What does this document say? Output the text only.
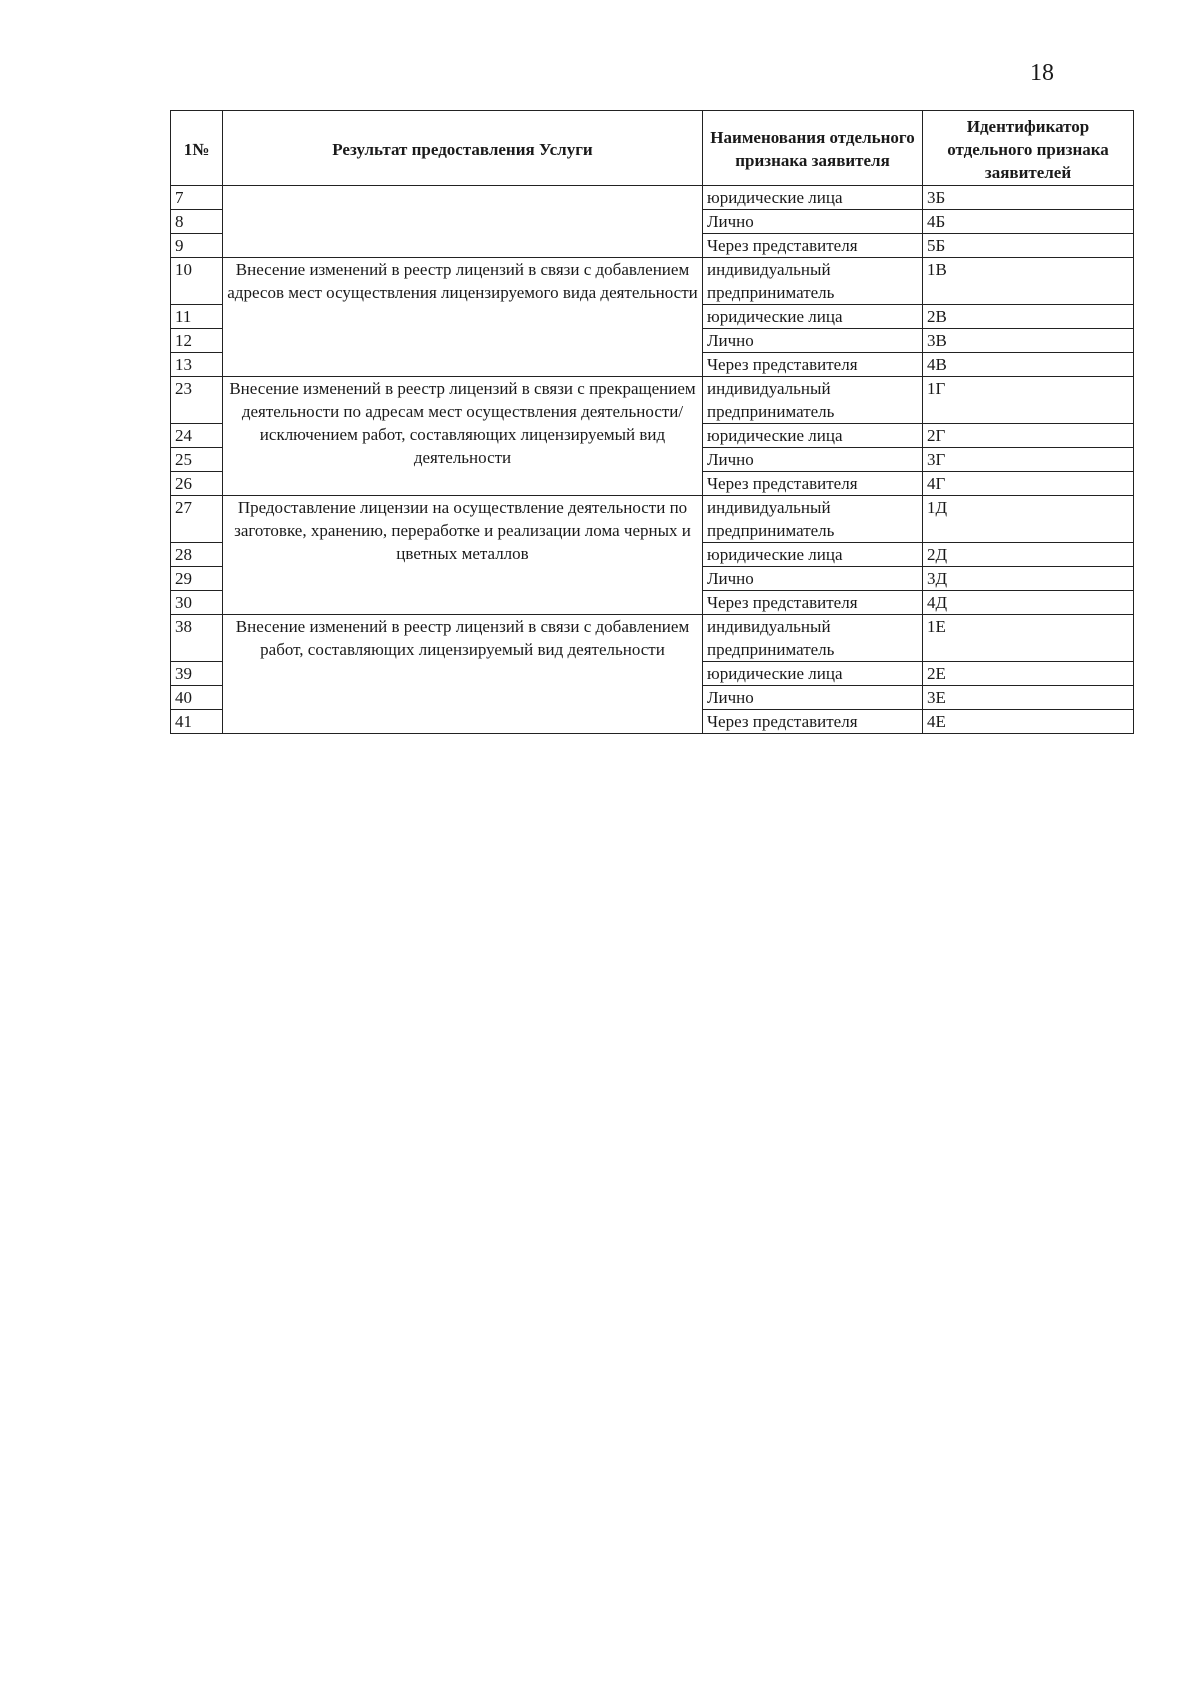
18
1№	Результат предоставления Услуги	Наименования отдельного признака заявителя	Идентификатор отдельного признака заявителей
7		юридические лица	3Б
8		Лично	4Б
9		Через представителя	5Б
10	Внесение изменений в реестр лицензий в связи с добавлением адресов мест осуществления лицензируемого вида деятельности	индивидуальный предприниматель	1В
11		юридические лица	2В
12		Лично	3В
13		Через представителя	4В
23	Внесение изменений в реестр лицензий в связи с прекращением деятельности по адресам мест осуществления деятельности/исключением работ, составляющих лицензируемый вид деятельности	индивидуальный предприниматель	1Г
24		юридические лица	2Г
25		Лично	3Г
26		Через представителя	4Г
27	Предоставление лицензии на осуществление деятельности по заготовке, хранению, переработке и реализации лома черных и цветных металлов	индивидуальный предприниматель	1Д
28		юридические лица	2Д
29		Лично	3Д
30		Через представителя	4Д
38	Внесение изменений в реестр лицензий в связи с добавлением работ, составляющих лицензируемый вид деятельности	индивидуальный предприниматель	1Е
39		юридические лица	2Е
40		Лично	3Е
41		Через представителя	4Е
